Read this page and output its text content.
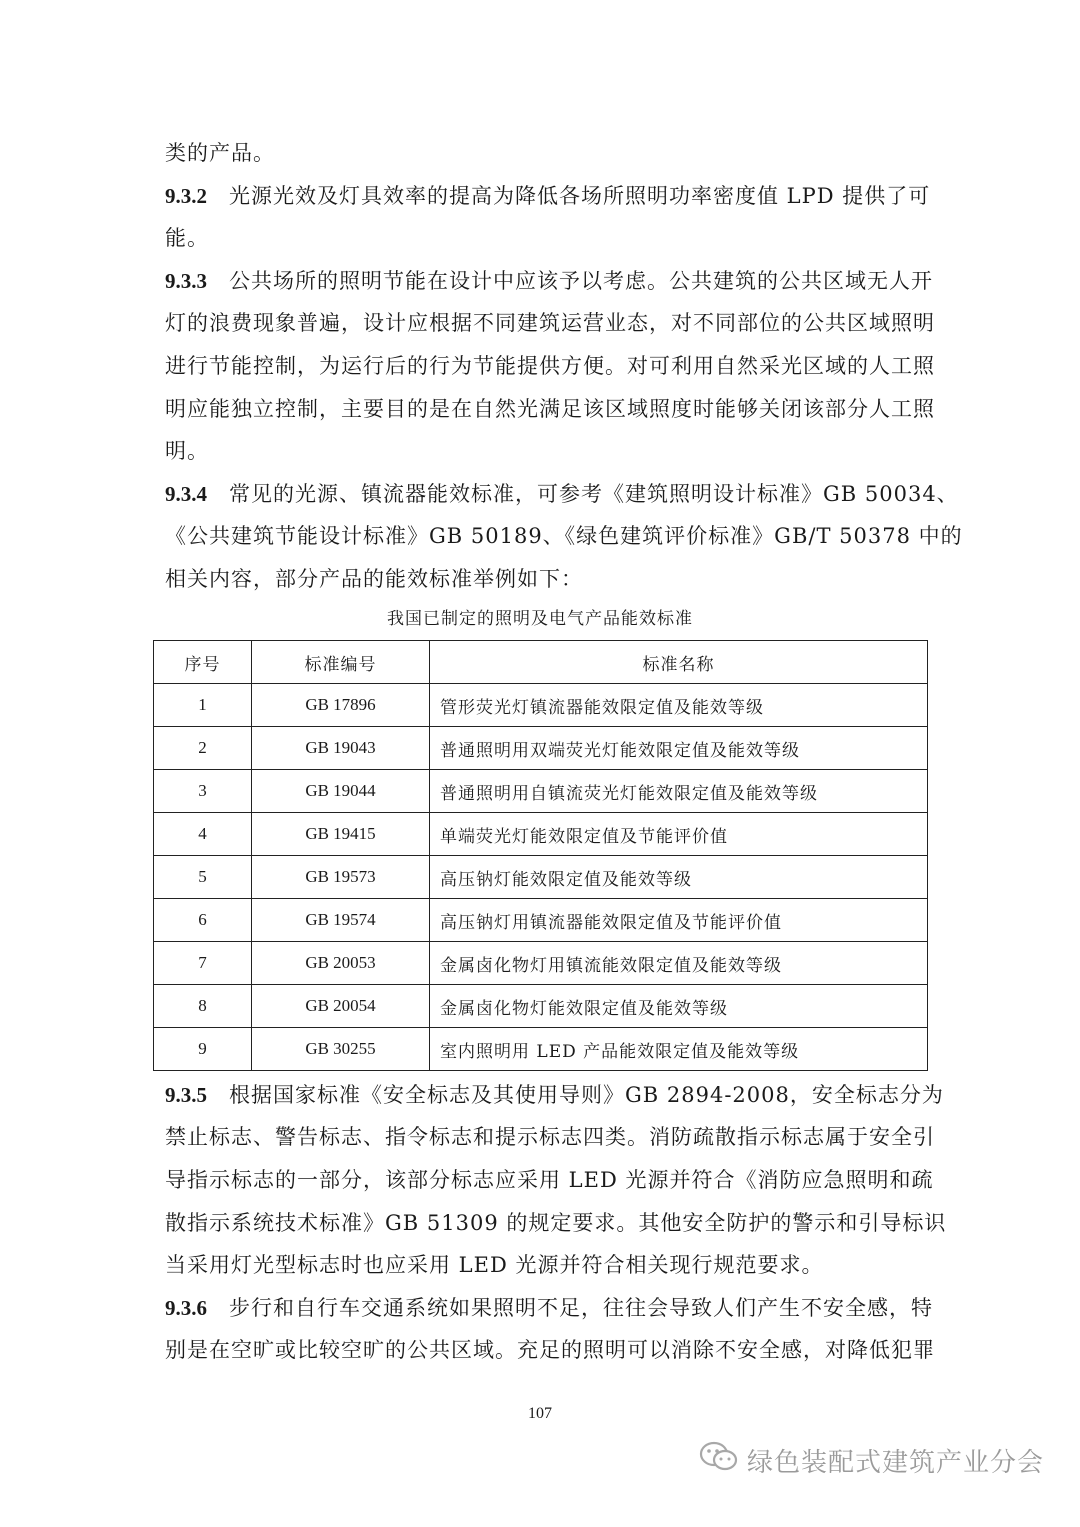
类的产品。
9.3.2 光源光效及灯具效率的提高为降低各场所照明功率密度值 LPD 提供了可
能。
9.3.3 公共场所的照明节能在设计中应该予以考虑。公共建筑的公共区域无人开
灯的浪费现象普遍，设计应根据不同建筑运营业态，对不同部位的公共区域照明
进行节能控制，为运行后的行为节能提供方便。对可利用自然采光区域的人工照
明应能独立控制，主要目的是在自然光满足该区域照度时能够关闭该部分人工照
明。
9.3.4 常见的光源、镇流器能效标准，可参考《建筑照明设计标准》GB 50034、
《公共建筑节能设计标准》GB 50189、《绿色建筑评价标准》GB/T 50378 中的
相关内容，部分产品的能效标准举例如下：
我国已制定的照明及电气产品能效标准
序号	标准编号	标准名称
1	GB 17896	管形荧光灯镇流器能效限定值及能效等级
2	GB 19043	普通照明用双端荧光灯能效限定值及能效等级
3	GB 19044	普通照明用自镇流荧光灯能效限定值及能效等级
4	GB 19415	单端荧光灯能效限定值及节能评价值
5	GB 19573	高压钠灯能效限定值及能效等级
6	GB 19574	高压钠灯用镇流器能效限定值及节能评价值
7	GB 20053	金属卤化物灯用镇流能效限定值及能效等级
8	GB 20054	金属卤化物灯能效限定值及能效等级
9	GB 30255	室内照明用 LED 产品能效限定值及能效等级
9.3.5 根据国家标准《安全标志及其使用导则》GB 2894-2008，安全标志分为
禁止标志、警告标志、指令标志和提示标志四类。消防疏散指示标志属于安全引
导指示标志的一部分，该部分标志应采用 LED 光源并符合《消防应急照明和疏
散指示系统技术标准》GB 51309 的规定要求。其他安全防护的警示和引导标识
当采用灯光型标志时也应采用 LED 光源并符合相关现行规范要求。
9.3.6 步行和自行车交通系统如果照明不足，往往会导致人们产生不安全感，特
别是在空旷或比较空旷的公共区域。充足的照明可以消除不安全感，对降低犯罪
107
绿色装配式建筑产业分会
